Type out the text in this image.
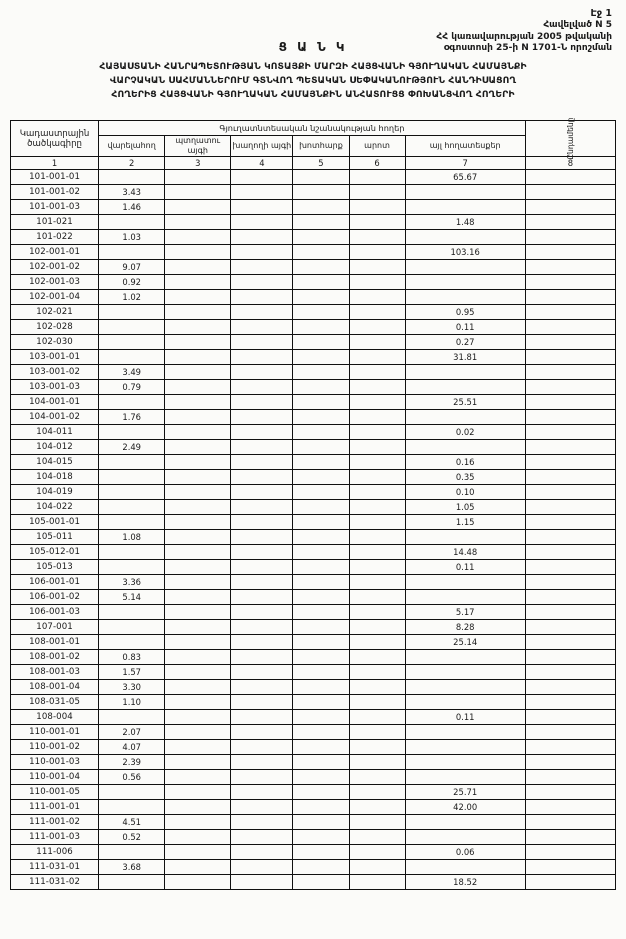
Էջ 1
Հավելված N 5
ՀՀ կառավարության 2005 թվականի
օգոստոսի 25-ի N 1701-Ն որոշման
Ց Ա Ն Կ
ՀԱՅԱՍՏԱՆԻ ՀԱՆՐԱՊԵՏՈՒԹՅԱՆ ԿՈՏԱՅՔԻ ՄԱՐԶԻ ՀԱՅՑՎԱՆԻ ԳՅՈՒՂԱԿԱՆ ՀԱՄԱՅՆՔԻ
ՎԱՐՉԱԿԱՆ ՍԱՀՄԱՆՆԵՐՈՒՄ ԳՏՆՎՈՂ ՊԵՏԱԿԱՆ ՍԵՓԱԿԱՆՈՒԹՅՈՒՆ ՀԱՆԴԻՍԱՑՈՂ
ՀՈՂԵՐԻՑ ՀԱՅՑՎԱՆԻ ԳՅՈՒՂԱԿԱՆ ՀԱՄԱՅՆՔԻՆ ԱՆՀԱՏՈՒՑՑ ՓՈԽԱՆՑՎՈՂ ՀՈՂԵՐԻ
Կադաստրային ծածկագիրը	Գյուղատնտեսական նշանակության հողեր						Ընդամենը

	վարելահող	պտղատու այգի	խաղողի այգի	խոտհարք	արոտ	այլ հողատեսքեր	
1	2	3	4	5	6	7	8
101-001-01						65.67	
101-001-02	3.43						
101-001-03	1.46						
101-021						1.48	
101-022	1.03						
102-001-01						103.16	
102-001-02	9.07						
102-001-03	0.92						
102-001-04	1.02						
102-021						0.95	
102-028						0.11	
102-030						0.27	
103-001-01						31.81	
103-001-02	3.49						
103-001-03	0.79						
104-001-01						25.51	
104-001-02	1.76						
104-011						0.02	
104-012	2.49						
104-015						0.16	
104-018						0.35	
104-019						0.10	
104-022						1.05	
105-001-01						1.15	
105-011	1.08						
105-012-01						14.48	
105-013						0.11	
106-001-01	3.36						
106-001-02	5.14						
106-001-03						5.17	
107-001						8.28	
108-001-01						25.14	
108-001-02	0.83						
108-001-03	1.57						
108-001-04	3.30						
108-031-05	1.10						
108-004						0.11	
110-001-01	2.07						
110-001-02	4.07						
110-001-03	2.39						
110-001-04	0.56						
110-001-05						25.71	
111-001-01						42.00	
111-001-02	4.51						
111-001-03	0.52						
111-006						0.06	
111-031-01	3.68						
111-031-02						18.52	
